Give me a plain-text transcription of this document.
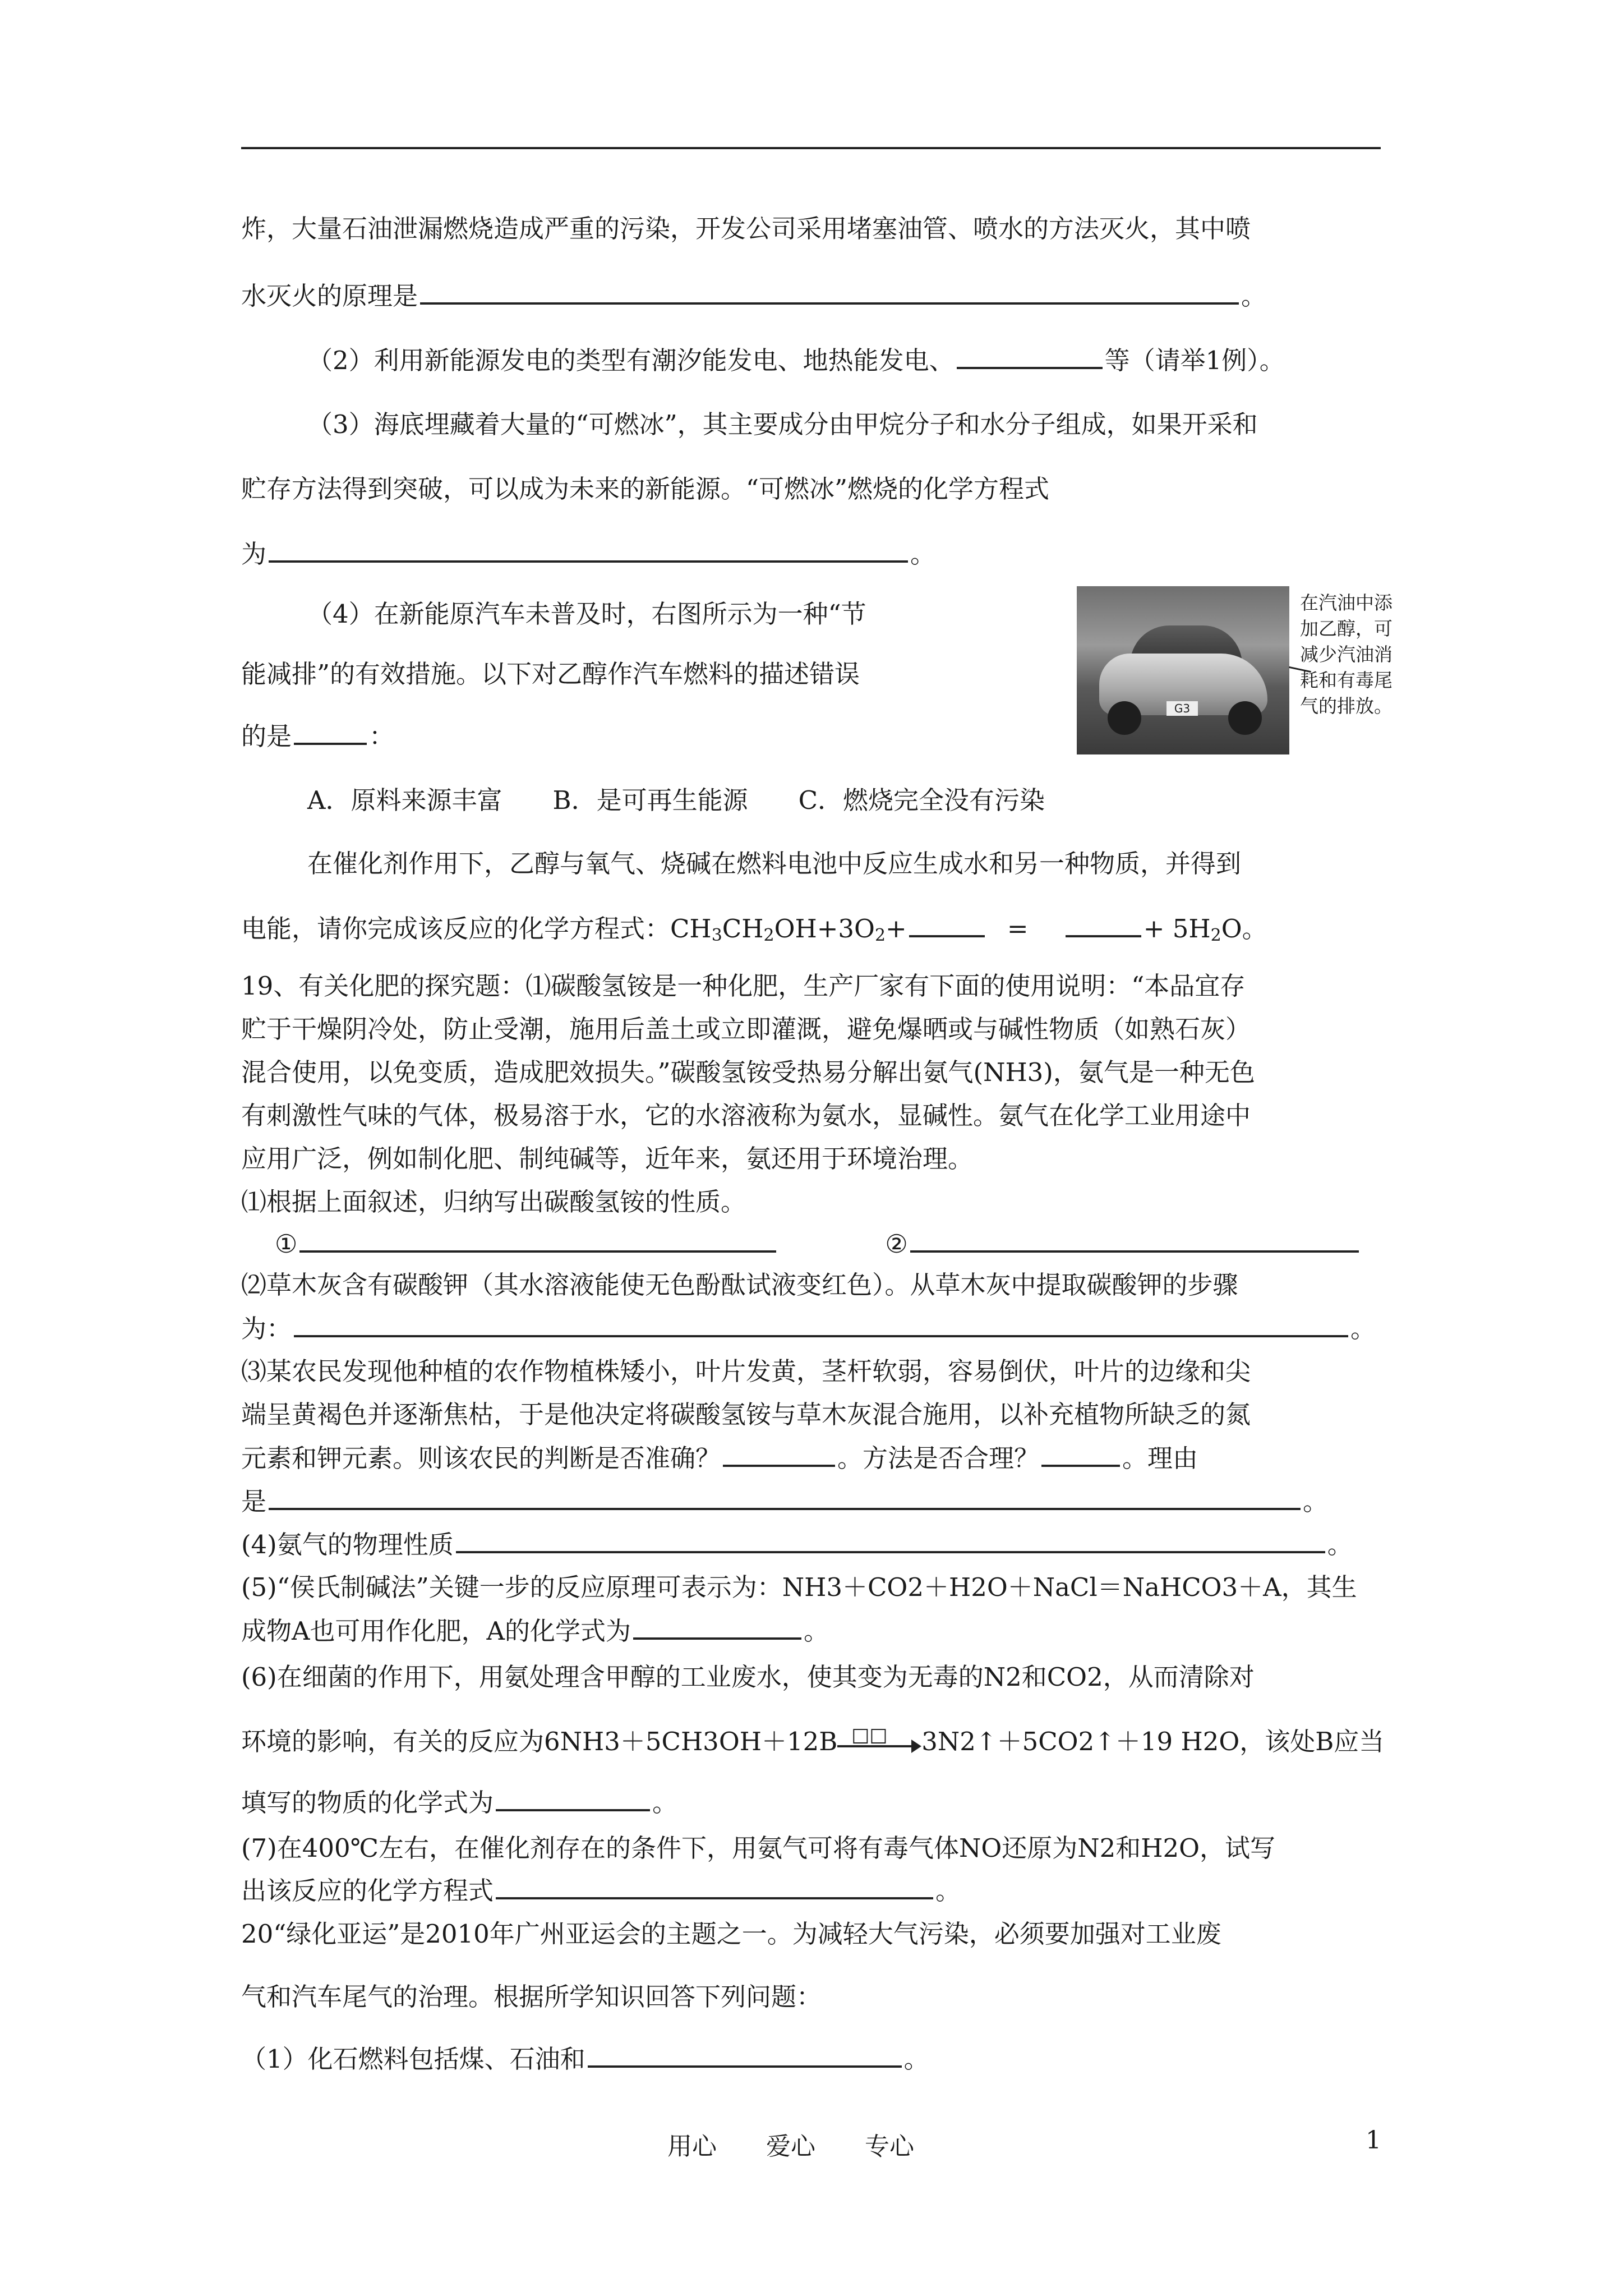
炸，大量石油泄漏燃烧造成严重的污染，开发公司采用堵塞油管、喷水的方法灭火，其中喷
水灭火的原理是	。
（2）利用新能源发电的类型有潮汐能发电、地热能发电、	等（请举1例）。
（3）海底埋藏着大量的“可燃冰”，其主要成分由甲烷分子和水分子组成，如果开采和
贮存方法得到突破，可以成为未来的新能源。“可燃冰”燃烧的化学方程式
为	。
（4）在新能原汽车未普及时，右图所示为一种“节
能减排”的有效措施。以下对乙醇作汽车燃料的描述错误
的是	：
G3
在汽油中添加乙醇，可减少汽油消耗和有毒尾气的排放。
A．原料来源丰富　　B．是可再生能源　　C．燃烧完全没有污染
在催化剂作用下，乙醇与氧气、烧碱在燃料电池中反应生成水和另一种物质，并得到
电能，请你完成该反应的化学方程式：$CH_3CH_2OH+3O_2+$	=	+ $5H_2O$。
19、有关化肥的探究题：⑴碳酸氢铵是一种化肥，生产厂家有下面的使用说明：“本品宜存
贮于干燥阴冷处，防止受潮，施用后盖土或立即灌溉，避免爆晒或与碱性物质（如熟石灰）
混合使用，以免变质，造成肥效损失。”碳酸氢铵受热易分解出氨气(NH3)，氨气是一种无色
有刺激性气味的气体，极易溶于水，它的水溶液称为氨水，显碱性。氨气在化学工业用途中
应用广泛，例如制化肥、制纯碱等，近年来，氨还用于环境治理。
⑴根据上面叙述，归纳写出碳酸氢铵的性质。
①	②
⑵草木灰含有碳酸钾（其水溶液能使无色酚酞试液变红色）。从草木灰中提取碳酸钾的步骤
为：	。
⑶某农民发现他种植的农作物植株矮小，叶片发黄，茎杆软弱，容易倒伏，叶片的边缘和尖
端呈黄褐色并逐渐焦枯，于是他决定将碳酸氢铵与草木灰混合施用，以补充植物所缺乏的氮
元素和钾元素。则该农民的判断是否准确？	。方法是否合理？	。理由
是	。
(4)氨气的物理性质	。
(5)“侯氏制碱法”关键一步的反应原理可表示为：NH3＋CO2＋H2O＋NaCl＝NaHCO3＋A，其生
成物A也可用作化肥，A的化学式为	。
(6)在细菌的作用下，用氨处理含甲醇的工业废水，使其变为无毒的N2和CO2，从而清除对
环境的影响，有关的反应为6NH3＋5CH3OH＋12B □□ 3N2↑＋5CO2↑＋19 H2O，该处B应当
填写的物质的化学式为	。
(7)在400℃左右，在催化剂存在的条件下，用氨气可将有毒气体NO还原为N2和H2O，试写
出该反应的化学方程式	。
20“绿化亚运”是2010年广州亚运会的主题之一。为减轻大气污染，必须要加强对工业废
气和汽车尾气的治理。根据所学知识回答下列问题：
（1）化石燃料包括煤、石油和	。
用心　　爱心　　专心	1
